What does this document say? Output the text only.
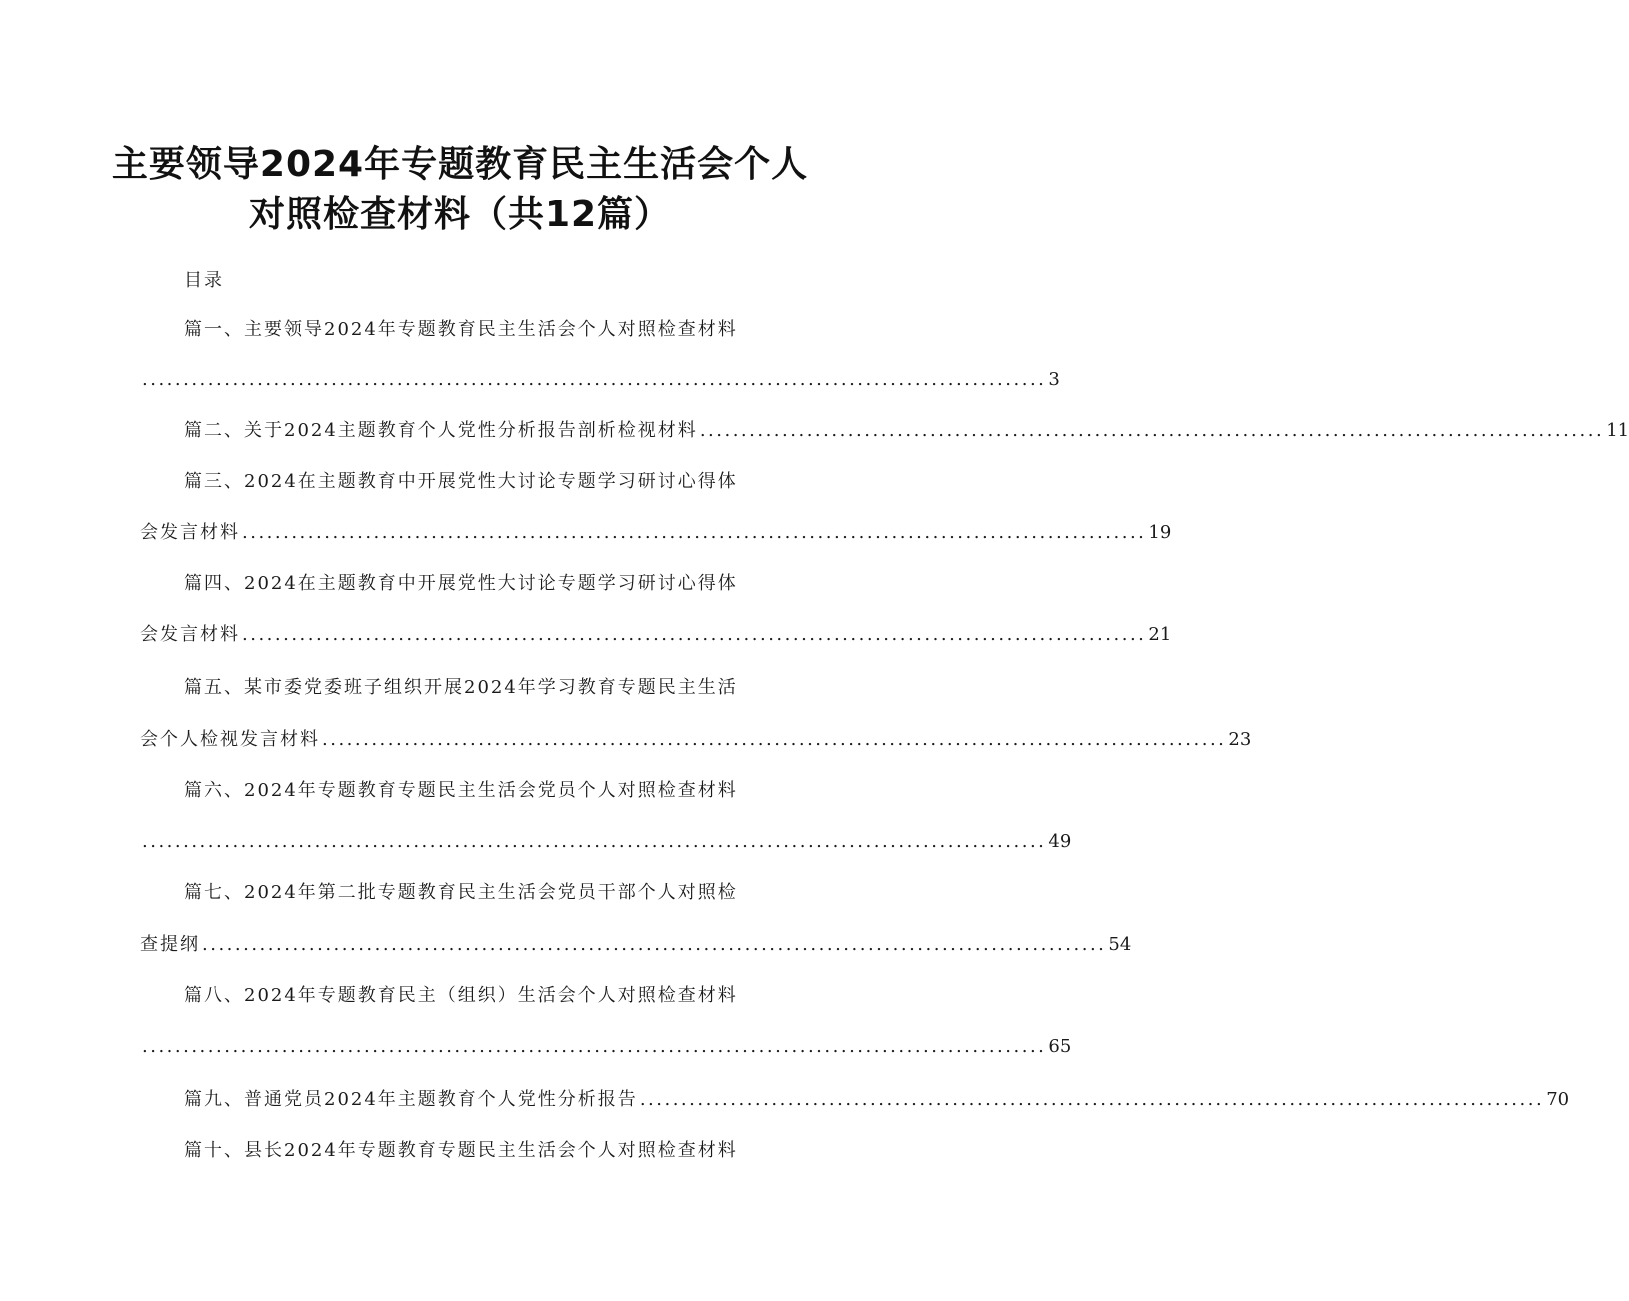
主要领导2024年专题教育民主生活会个人
对照检查材料（共12篇）
目录
篇一、主要领导2024年专题教育民主生活会个人对照检查材料
.............................................................................................................. 3
篇二、关于2024主题教育个人党性分析报告剖析检视材料 .............................................................................................................. 11
篇三、2024在主题教育中开展党性大讨论专题学习研讨心得体
会发言材料 .............................................................................................................. 19
篇四、2024在主题教育中开展党性大讨论专题学习研讨心得体
会发言材料 .............................................................................................................. 21
篇五、某市委党委班子组织开展2024年学习教育专题民主生活
会个人检视发言材料 .............................................................................................................. 23
篇六、2024年专题教育专题民主生活会党员个人对照检查材料
.............................................................................................................. 49
篇七、2024年第二批专题教育民主生活会党员干部个人对照检
查提纲 .............................................................................................................. 54
篇八、2024年专题教育民主（组织）生活会个人对照检查材料
.............................................................................................................. 65
篇九、普通党员2024年主题教育个人党性分析报告 .............................................................................................................. 70
篇十、县长2024年专题教育专题民主生活会个人对照检查材料
